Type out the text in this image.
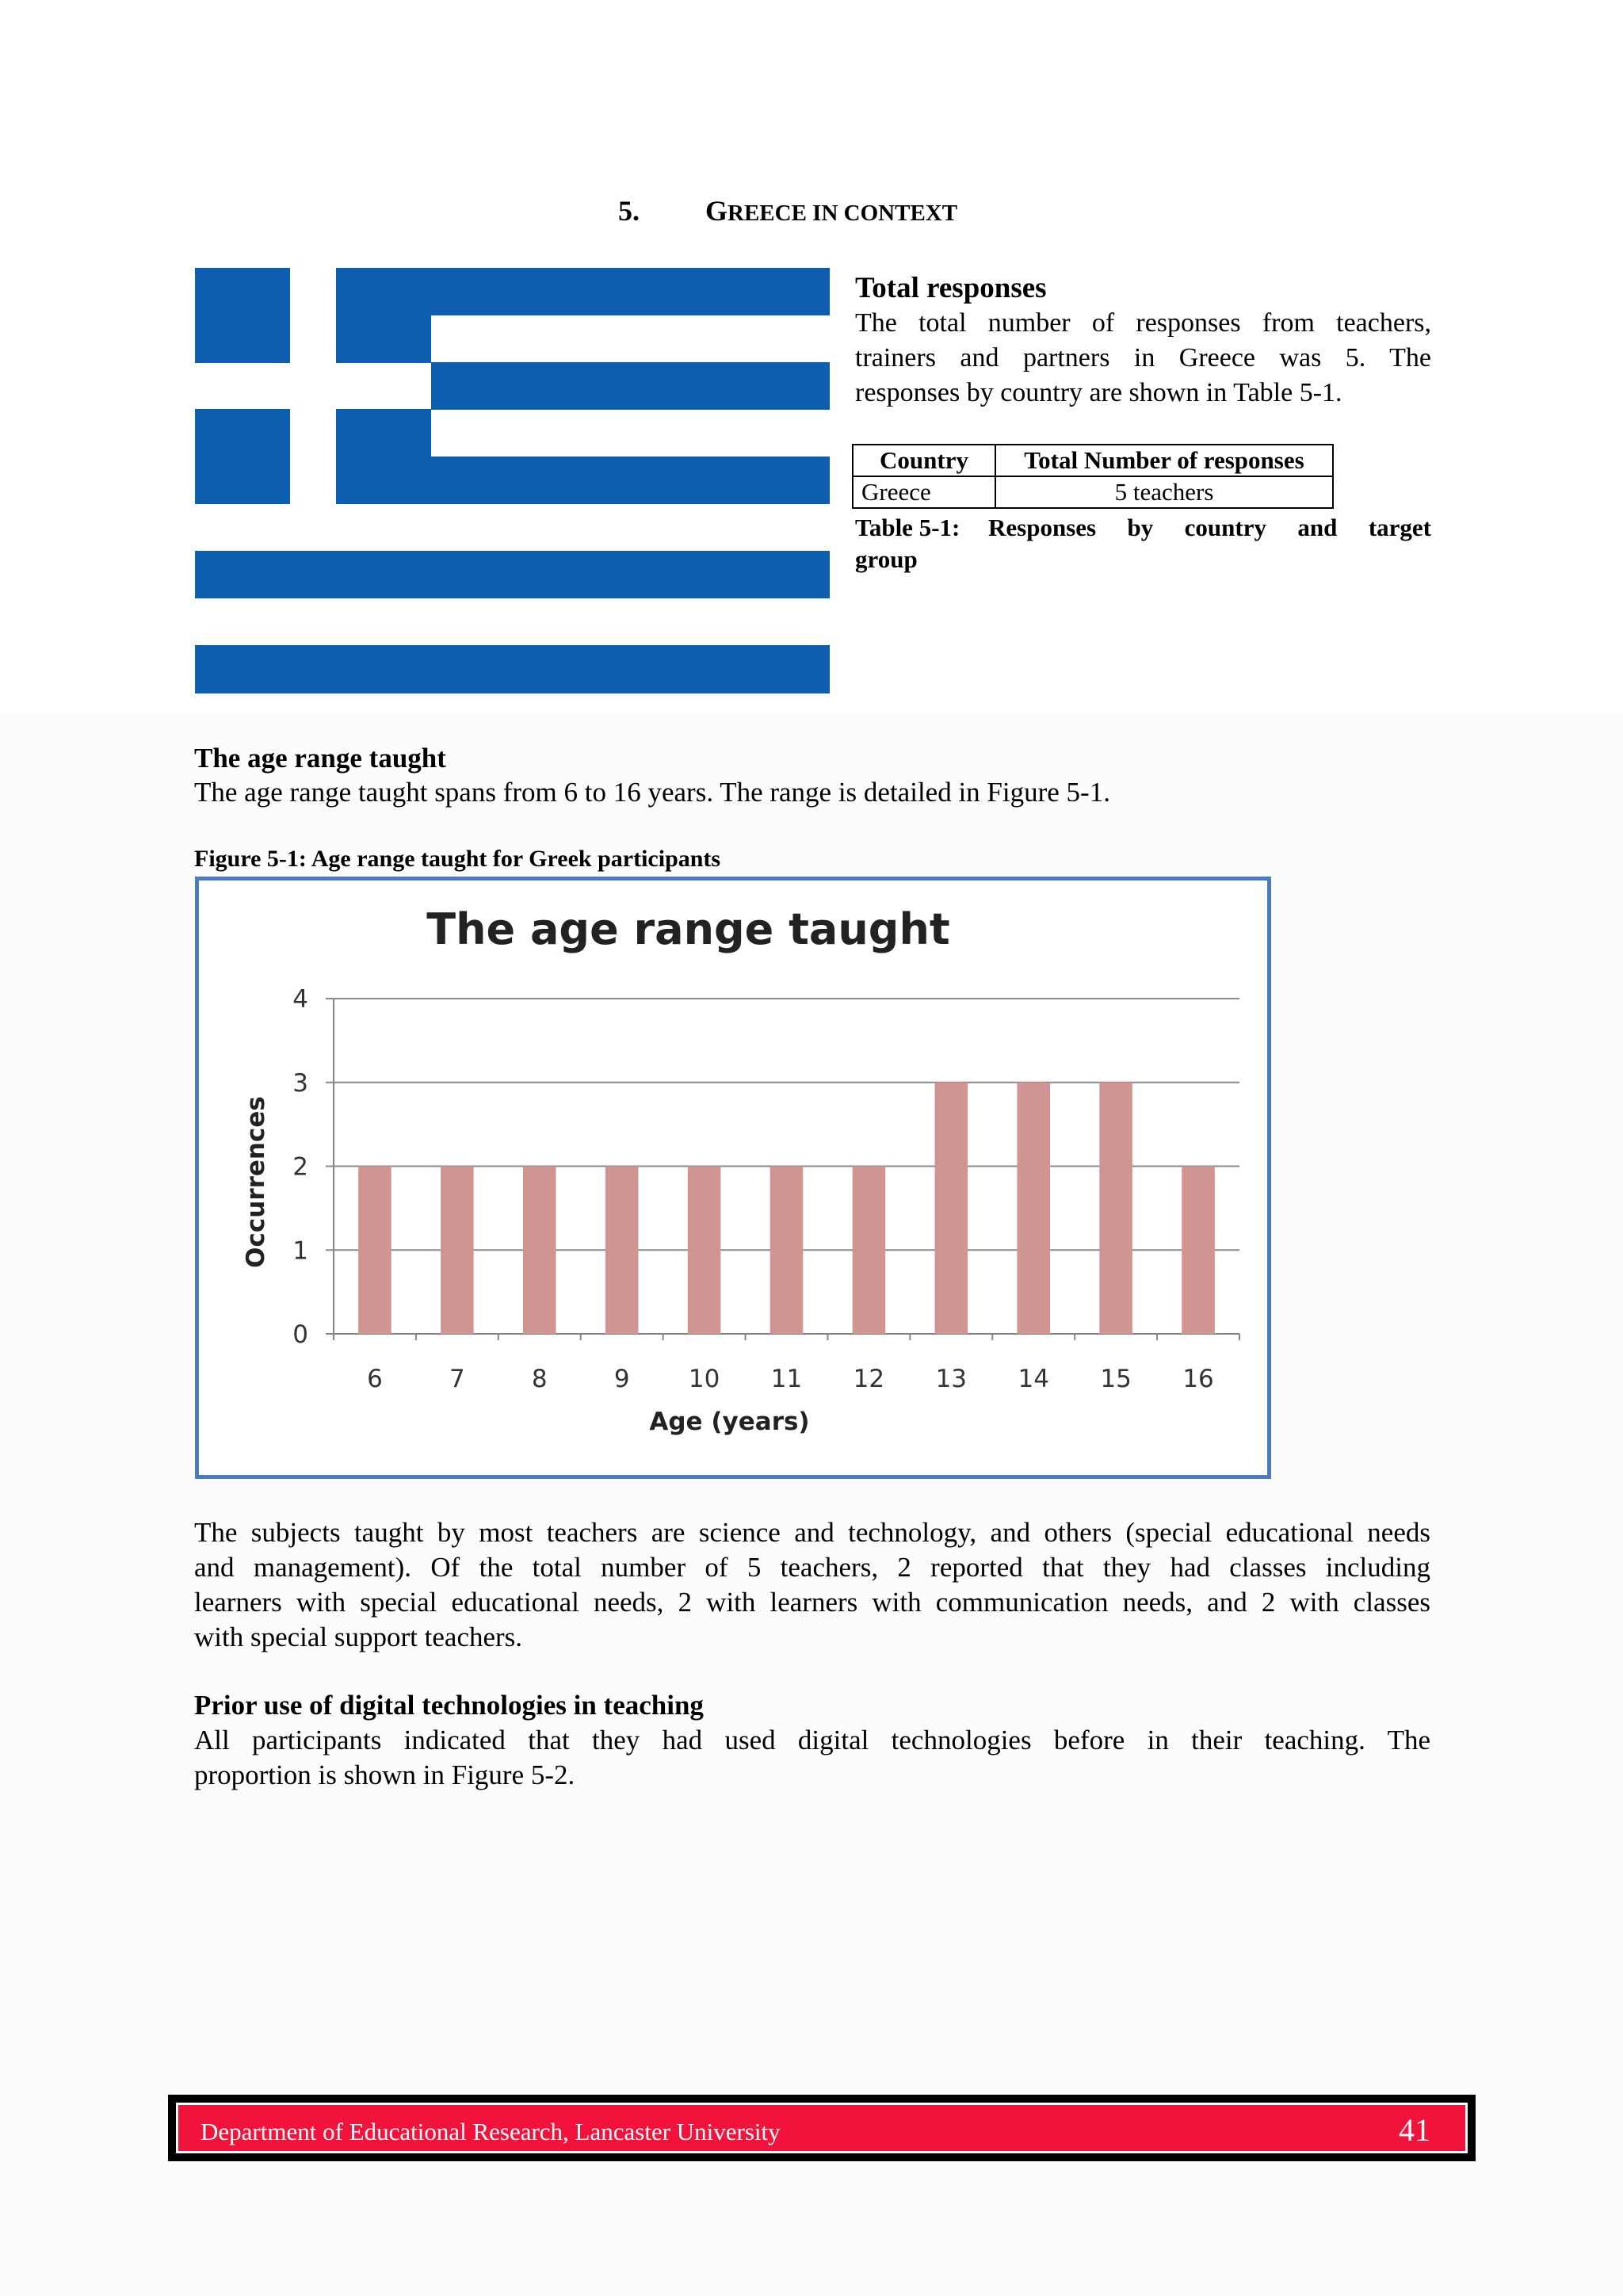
5. GREECE IN CONTEXT
Total responses
The total number of responses from teachers,
trainers and partners in Greece was 5. The
responses by country are shown in Table 5-1.
Country	Total Number of responses
Greece	5 teachers
Table 5-1:	Responses by country and target
group
The age range taught
The age range taught spans from 6 to 16 years. The range is detailed in Figure 5-1.
Figure 5-1: Age range taught for Greek participants
The age range taught
0
1
2
3
4
6	7	8	9 10 11 12 13 14 15 16
Age (years)
Occurrences
The subjects taught by most teachers are science and technology, and others (special educational needs
and management). Of the total number of 5 teachers, 2 reported that they had classes including
learners with special educational needs, 2 with learners with communication needs, and 2 with classes
with special support teachers.
Prior use of digital technologies in teaching
All participants indicated that they had used digital technologies before in their teaching. The
proportion is shown in Figure 5-2.
Department of Educational Research, Lancaster University	41
